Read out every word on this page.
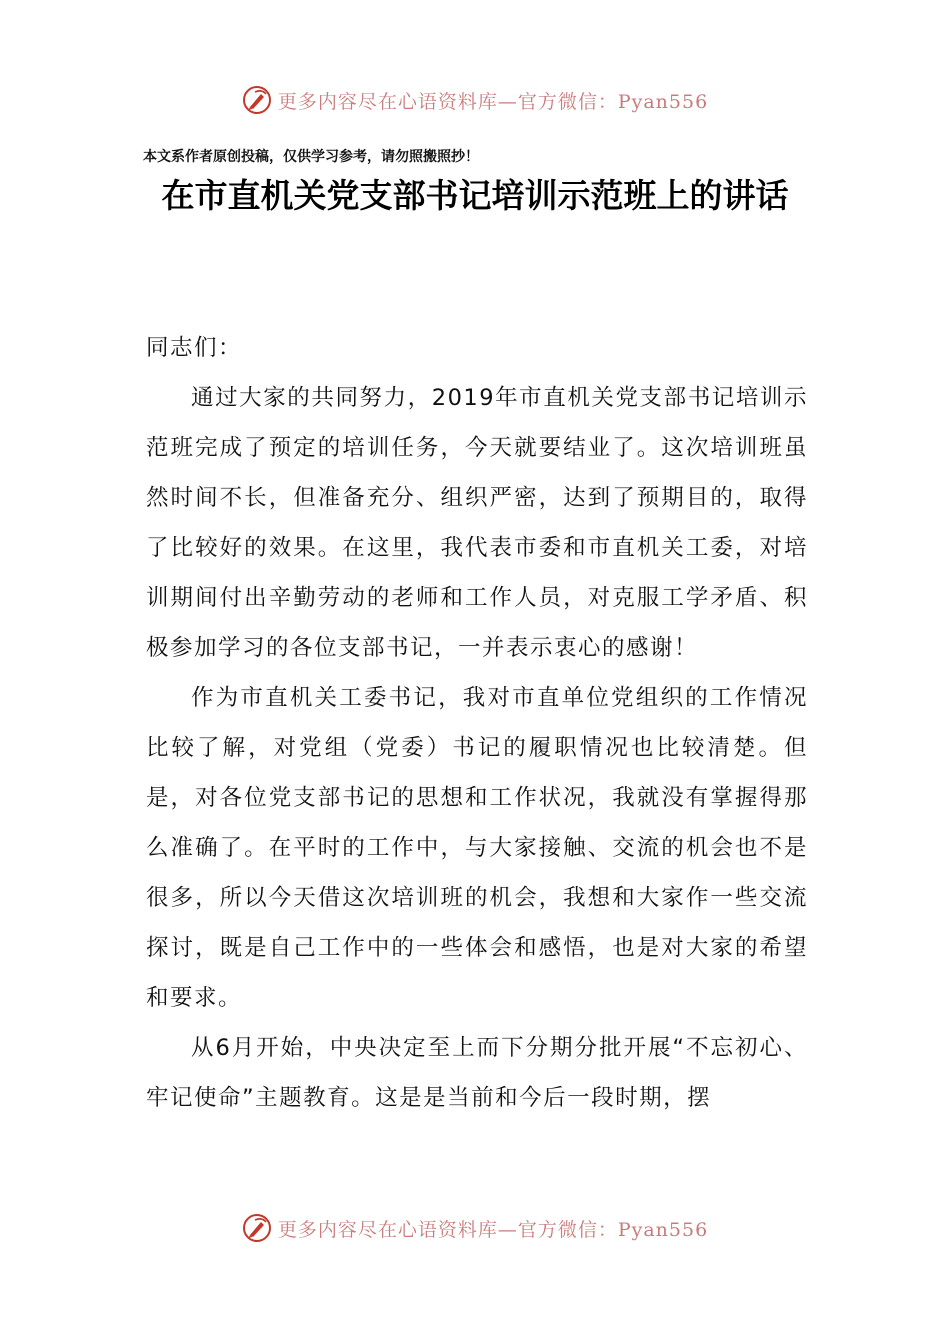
更多内容尽在心语资料库—官方微信：Pyan556
本文系作者原创投稿，仅供学习参考，请勿照搬照抄！
在市直机关党支部书记培训示范班上的讲话

同志们：

通过大家的共同努力，2019年市直机关党支部书记培训示范班完成了预定的培训任务，今天就要结业了。这次培训班虽然时间不长，但准备充分、组织严密，达到了预期目的，取得了比较好的效果。在这里，我代表市委和市直机关工委，对培训期间付出辛勤劳动的老师和工作人员，对克服工学矛盾、积极参加学习的各位支部书记，一并表示衷心的感谢！

作为市直机关工委书记，我对市直单位党组织的工作情况比较了解，对党组（党委）书记的履职情况也比较清楚。但是，对各位党支部书记的思想和工作状况，我就没有掌握得那么准确了。在平时的工作中，与大家接触、交流的机会也不是很多，所以今天借这次培训班的机会，我想和大家作一些交流探讨，既是自己工作中的一些体会和感悟，也是对大家的希望和要求。

从6月开始，中央决定至上而下分期分批开展“不忘初心、牢记使命”主题教育。这是是当前和今后一段时期，摆

更多内容尽在心语资料库—官方微信：Pyan556
